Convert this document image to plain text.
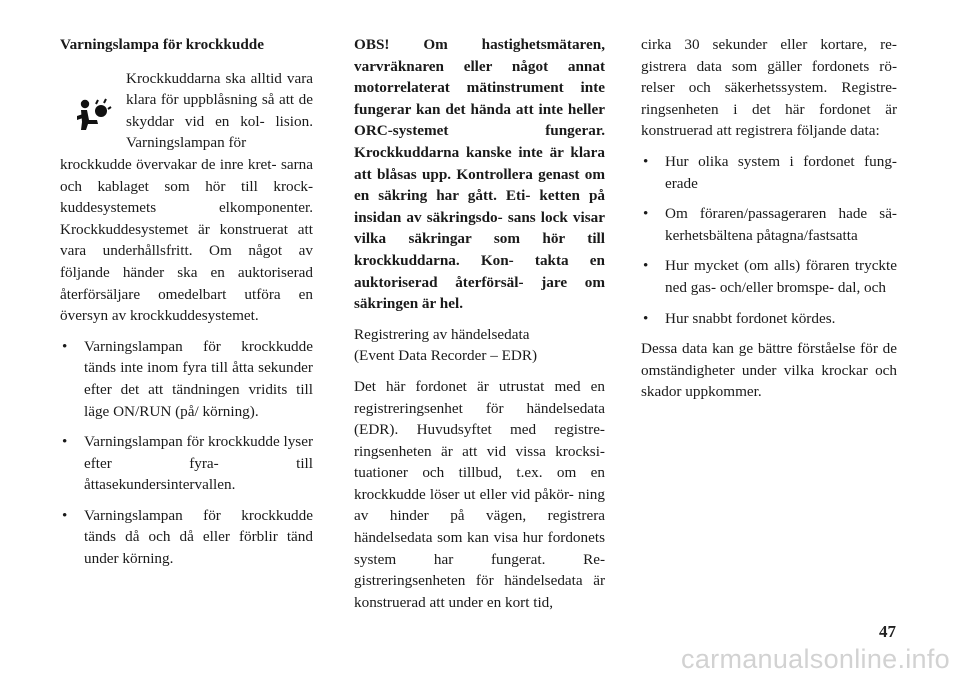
Varningslampa för krockkudde

Krockkuddarna ska alltid vara klara för uppblåsning så att de skyddar vid en kol- lision. Varningslampan för

krockkudde övervakar de inre kret- sarna och kablaget som hör till krock- kuddesystemets elkomponenter. Krockkuddesystemet är konstruerat att vara underhållsfritt. Om något av följande händer ska en auktoriserad återförsäljare omedelbart utföra en översyn av krockkuddesystemet.

• Varningslampan för krockkudde tänds inte inom fyra till åtta sekunder efter det att tändningen vridits till läge ON/RUN (på/ körning).
• Varningslampan för krockkudde lyser efter fyra- till åttasekundersintervallen.
• Varningslampan för krockkudde tänds då och då eller förblir tänd under körning.

OBS! Om hastighetsmätaren, varvräknaren eller något annat motorrelaterat mätinstrument inte fungerar kan det hända att inte heller ORC-systemet fungerar. Krockkuddarna kanske inte är klara att blåsas upp. Kontrollera genast om en säkring har gått. Eti- ketten på insidan av säkringsdo- sans lock visar vilka säkringar som hör till krockkuddarna. Kon- takta en auktoriserad återförsäl- jare om säkringen är hel.

Registrering av händelsedata
(Event Data Recorder – EDR)

Det här fordonet är utrustat med en registreringsenhet för händelsedata (EDR). Huvudsyftet med registre- ringsenheten är att vid vissa krocksi- tuationer och tillbud, t.ex. om en krockkudde löser ut eller vid påkör- ning av hinder på vägen, registrera händelsedata som kan visa hur fordonets system har fungerat. Re- gistreringsenheten för händelsedata är konstruerad att under en kort tid,

cirka 30 sekunder eller kortare, re- gistrera data som gäller fordonets rö- relser och säkerhetssystem. Registre- ringsenheten i det här fordonet är konstruerad att registrera följande data:

• Hur olika system i fordonet fung- erade
• Om föraren/passageraren hade sä- kerhetsbältena påtagna/fastsatta
• Hur mycket (om alls) föraren tryckte ned gas- och/eller bromspe- dal, och
• Hur snabbt fordonet kördes.

Dessa data kan ge bättre förståelse för de omständigheter under vilka krockar och skador uppkommer.

47
carmanualsonline.info
